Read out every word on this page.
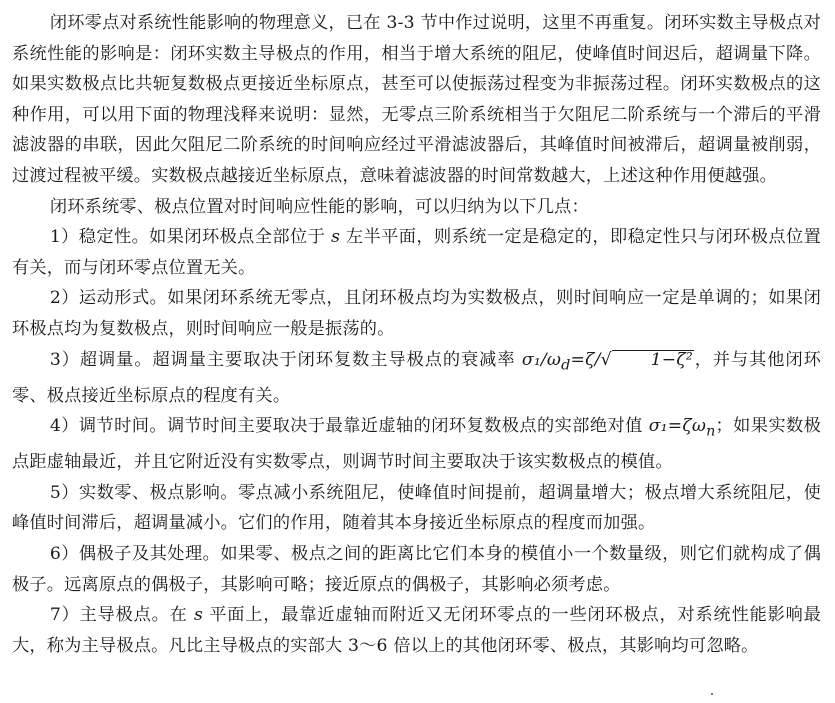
闭环零点对系统性能影响的物理意义，已在 3-3 节中作过说明，这里不再重复。闭环实数主导极点对系统性能的影响是：闭环实数主导极点的作用，相当于增大系统的阻尼，使峰值时间迟后，超调量下降。如果实数极点比共轭复数极点更接近坐标原点，甚至可以使振荡过程变为非振荡过程。闭环实数极点的这种作用，可以用下面的物理浅释来说明：显然，无零点三阶系统相当于欠阻尼二阶系统与一个滞后的平滑滤波器的串联，因此欠阻尼二阶系统的时间响应经过平滑滤波器后，其峰值时间被滞后，超调量被削弱，过渡过程被平缓。实数极点越接近坐标原点，意味着滤波器的时间常数越大，上述这种作用便越强。

闭环系统零、极点位置对时间响应性能的影响，可以归纳为以下几点：

1）稳定性。如果闭环极点全部位于 s 左半平面，则系统一定是稳定的，即稳定性只与闭环极点位置有关，而与闭环零点位置无关。

2）运动形式。如果闭环系统无零点，且闭环极点均为实数极点，则时间响应一定是单调的；如果闭环极点均为复数极点，则时间响应一般是振荡的。

3）超调量。超调量主要取决于闭环复数主导极点的衰减率 $\sigma_1/\omega_d=\zeta/√$ 1−ζ²，并与其他闭环零、极点接近坐标原点的程度有关。

4）调节时间。调节时间主要取决于最靠近虚轴的闭环复数极点的实部绝对值 $\sigma_1=\zeta\omega_n$；如果实数极点距虚轴最近，并且它附近没有实数零点，则调节时间主要取决于该实数极点的模值。

5）实数零、极点影响。零点减小系统阻尼，使峰值时间提前，超调量增大；极点增大系统阻尼，使峰值时间滞后，超调量减小。它们的作用，随着其本身接近坐标原点的程度而加强。

6）偶极子及其处理。如果零、极点之间的距离比它们本身的模值小一个数量级，则它们就构成了偶极子。远离原点的偶极子，其影响可略；接近原点的偶极子，其影响必须考虑。

7）主导极点。在 s 平面上，最靠近虚轴而附近又无闭环零点的一些闭环极点，对系统性能影响最大，称为主导极点。凡比主导极点的实部大 3～6 倍以上的其他闭环零、极点，其影响均可忽略。
